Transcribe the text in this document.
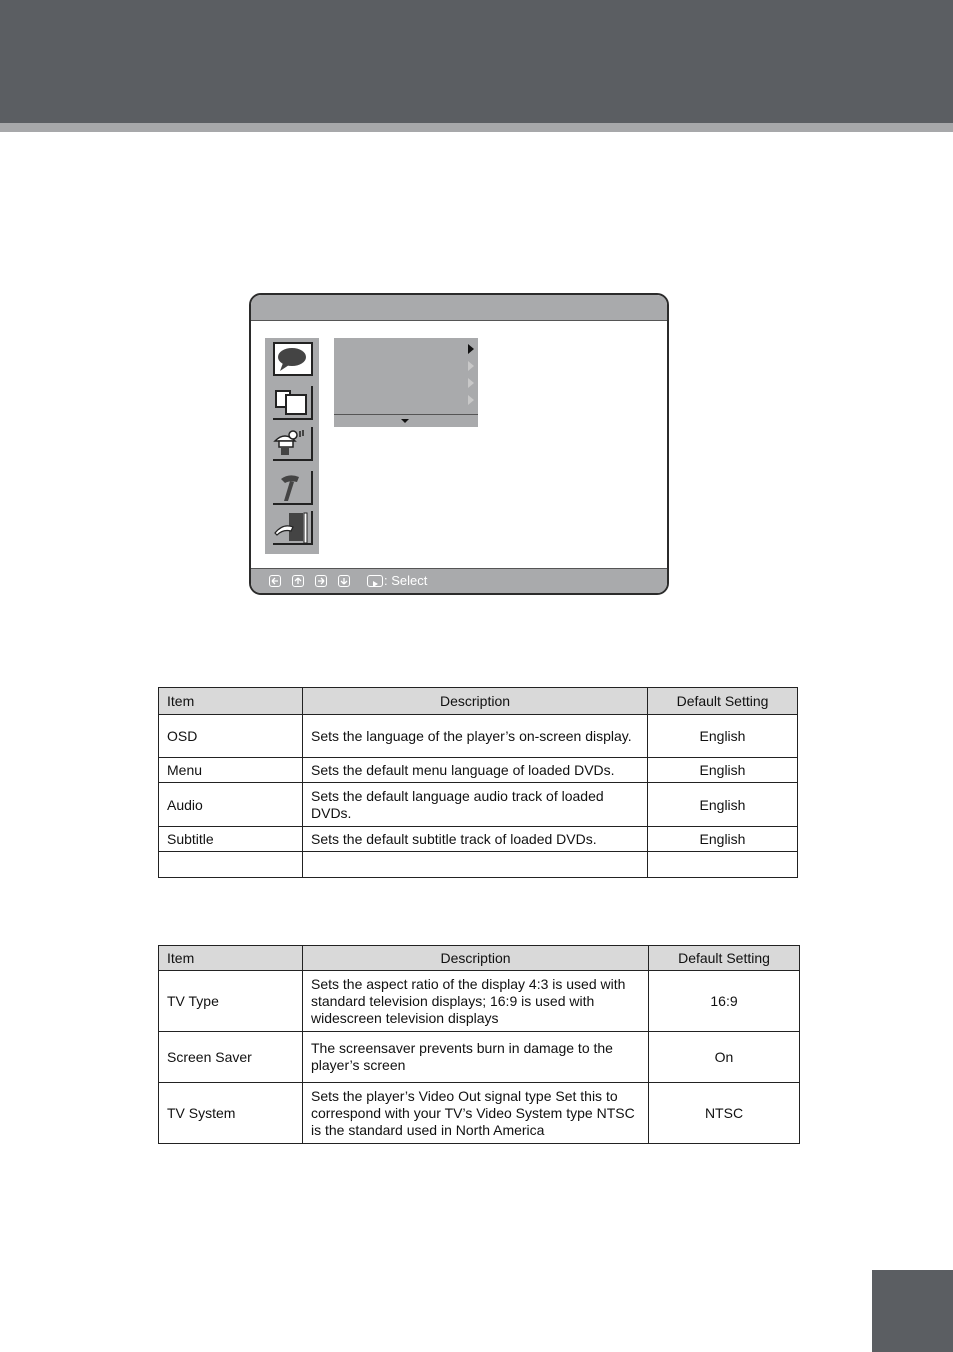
: Select
Item	Description	Default Setting
OSD	Sets the language of the player’s on-screen display.	English
Menu	Sets the default menu language of loaded DVDs.	English
Audio	Sets the default language audio track of loaded DVDs.	English
Subtitle	Sets the default subtitle track of loaded DVDs.	English

Item	Description	Default Setting
TV Type	Sets the aspect ratio of the display 4:3 is used with standard television displays; 16:9 is used with widescreen television displays	16:9
Screen Saver	The screensaver prevents burn in damage to the player’s screen	On
TV System	Sets the player’s Video Out signal type Set this to correspond with your TV’s Video System type NTSC is the standard used in North America	NTSC
